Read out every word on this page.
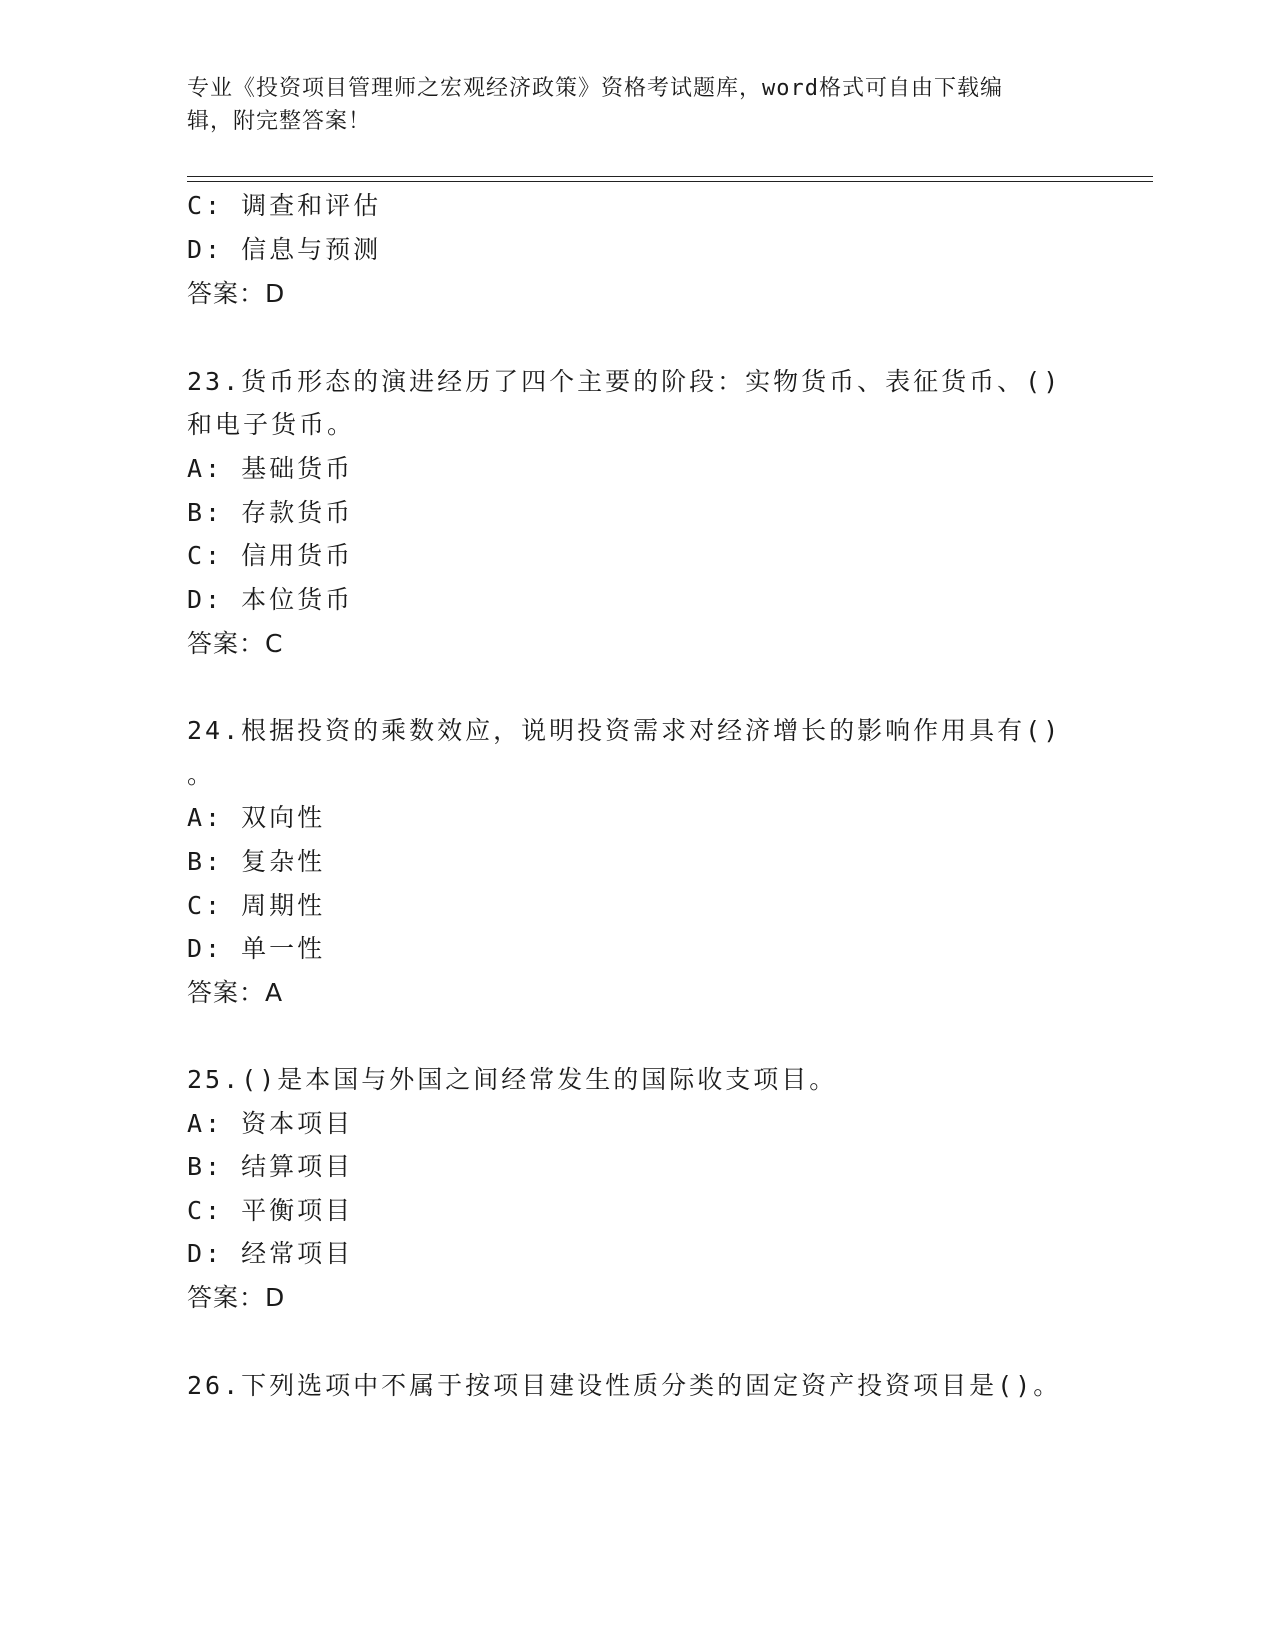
专业《投资项目管理师之宏观经济政策》资格考试题库，word格式可自由下载编
辑，附完整答案！
C: 调查和评估
D: 信息与预测
答案：D
23.货币形态的演进经历了四个主要的阶段：实物货币、表征货币、()
和电子货币。
A: 基础货币
B: 存款货币
C: 信用货币
D: 本位货币
答案：C
24.根据投资的乘数效应，说明投资需求对经济增长的影响作用具有()
。
A: 双向性
B: 复杂性
C: 周期性
D: 单一性
答案：A
25.()是本国与外国之间经常发生的国际收支项目。
A: 资本项目
B: 结算项目
C: 平衡项目
D: 经常项目
答案：D
26.下列选项中不属于按项目建设性质分类的固定资产投资项目是()。
